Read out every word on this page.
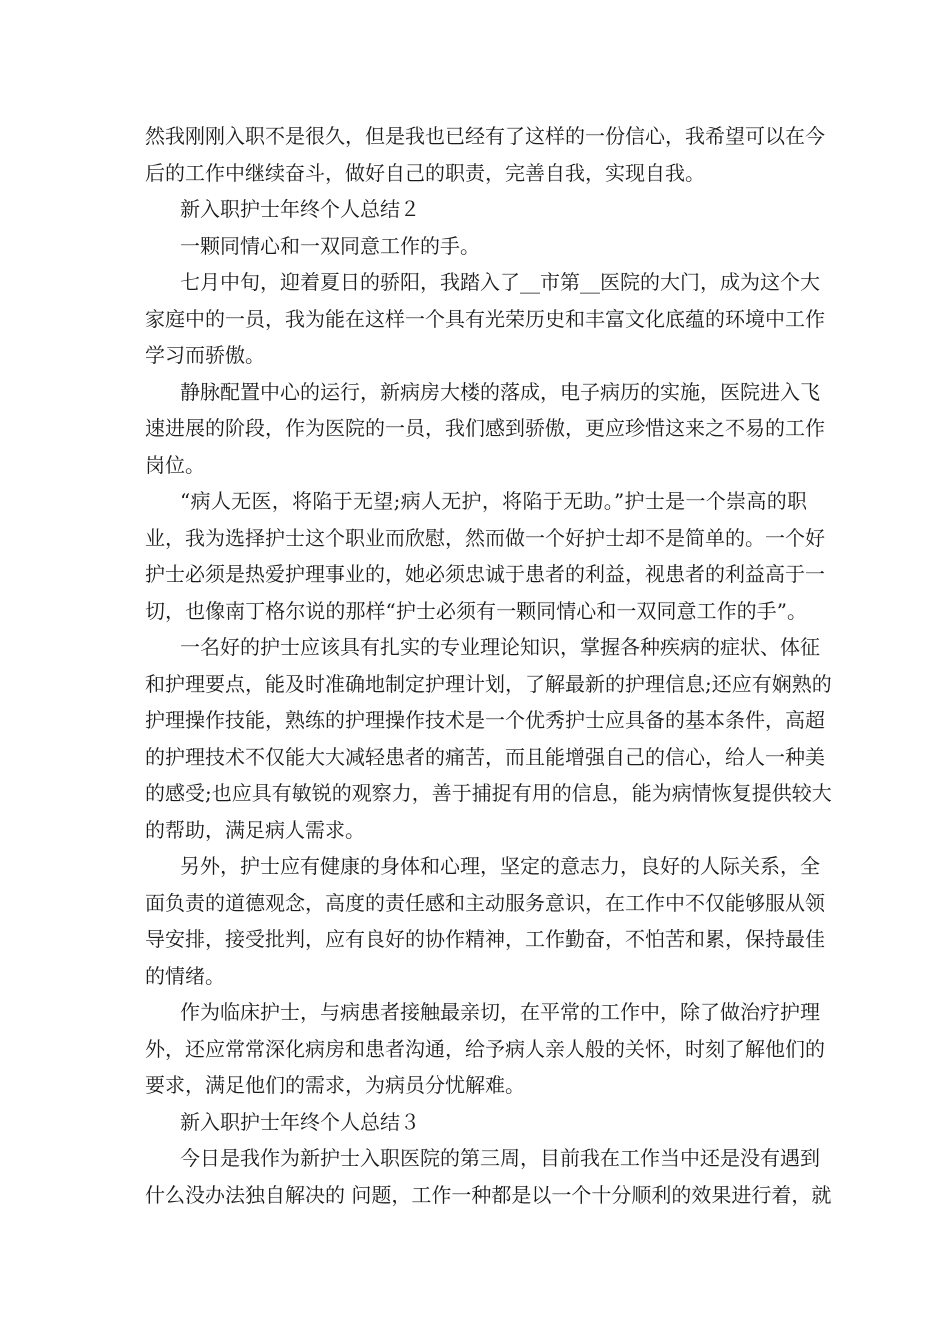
然我刚刚入职不是很久，但是我也已经有了这样的一份信心，我希望可以在今
后的工作中继续奋斗，做好自己的职责，完善自我，实现自我。
新入职护士年终个人总结２
一颗同情心和一双同意工作的手。
七月中旬，迎着夏日的骄阳，我踏入了__市第__医院的大门，成为这个大
家庭中的一员，我为能在这样一个具有光荣历史和丰富文化底蕴的环境中工作
学习而骄傲。
静脉配置中心的运行，新病房大楼的落成，电子病历的实施，医院进入飞
速进展的阶段，作为医院的一员，我们感到骄傲，更应珍惜这来之不易的工作
岗位。
“病人无医，将陷于无望;病人无护，将陷于无助。”护士是一个崇高的职
业，我为选择护士这个职业而欣慰，然而做一个好护士却不是简单的。一个好
护士必须是热爱护理事业的，她必须忠诚于患者的利益，视患者的利益高于一
切，也像南丁格尔说的那样“护士必须有一颗同情心和一双同意工作的手”。
一名好的护士应该具有扎实的专业理论知识，掌握各种疾病的症状、体征
和护理要点，能及时准确地制定护理计划，了解最新的护理信息;还应有娴熟的
护理操作技能，熟练的护理操作技术是一个优秀护士应具备的基本条件，高超
的护理技术不仅能大大减轻患者的痛苦，而且能增强自己的信心，给人一种美
的感受;也应具有敏锐的观察力，善于捕捉有用的信息，能为病情恢复提供较大
的帮助，满足病人需求。
另外，护士应有健康的身体和心理，坚定的意志力，良好的人际关系，全
面负责的道德观念，高度的责任感和主动服务意识，在工作中不仅能够服从领
导安排，接受批判，应有良好的协作精神，工作勤奋，不怕苦和累，保持最佳
的情绪。
作为临床护士，与病患者接触最亲切，在平常的工作中，除了做治疗护理
外，还应常常深化病房和患者沟通，给予病人亲人般的关怀，时刻了解他们的
要求，满足他们的需求，为病员分忧解难。
新入职护士年终个人总结３
今日是我作为新护士入职医院的第三周，目前我在工作当中还是没有遇到
什么没办法独自解决的 问题，工作一种都是以一个十分顺利的效果进行着，就
